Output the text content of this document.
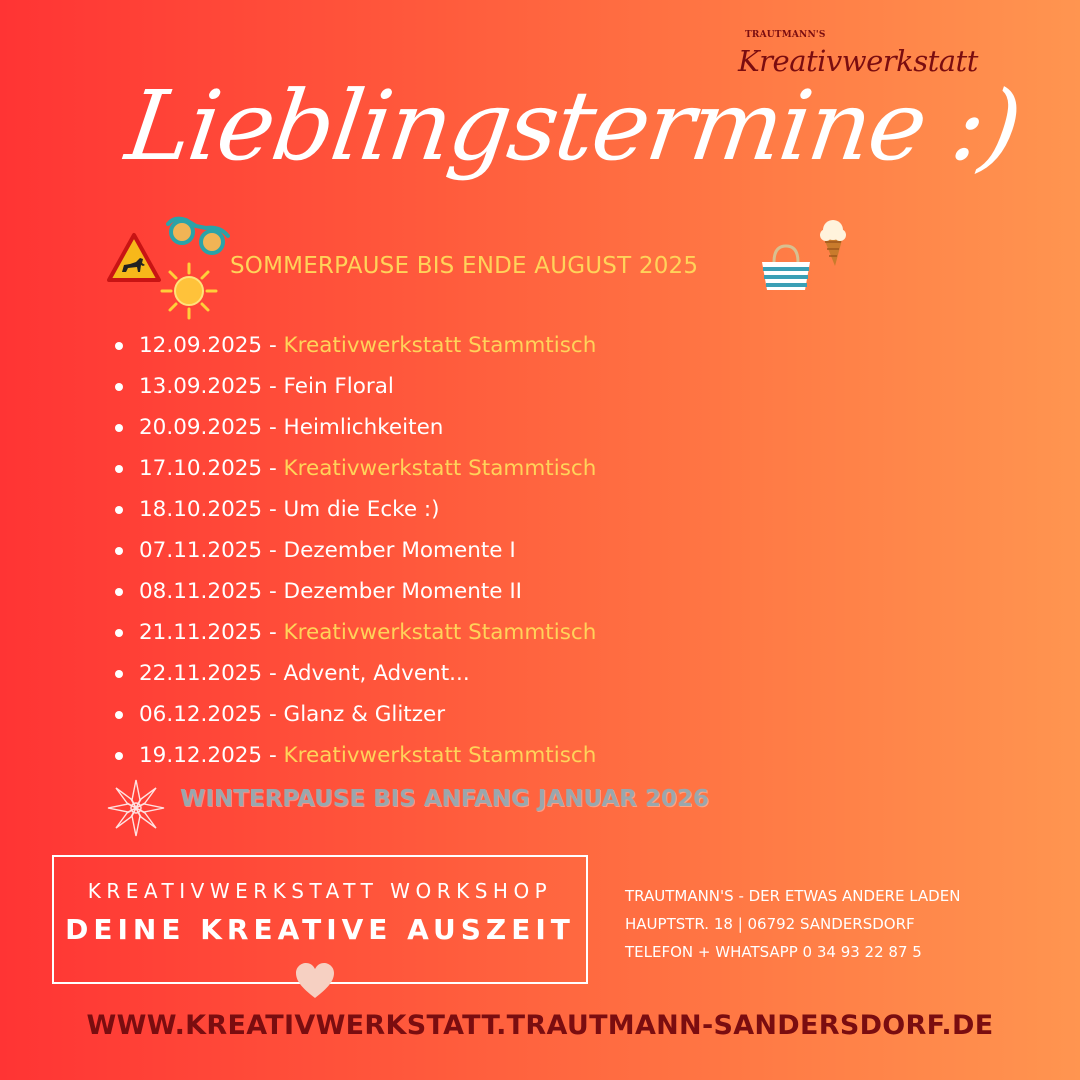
TRAUTMANN'S
Kreativwerkstatt
Lieblingstermine :)
SOMMERPAUSE BIS ENDE AUGUST 2025
12.09.2025 - Kreativwerkstatt Stammtisch
13.09.2025 - Fein Floral
20.09.2025 - Heimlichkeiten
17.10.2025 - Kreativwerkstatt Stammtisch
18.10.2025 - Um die Ecke :)
07.11.2025 - Dezember Momente I
08.11.2025 - Dezember Momente II
21.11.2025 - Kreativwerkstatt Stammtisch
22.11.2025 - Advent, Advent...
06.12.2025 - Glanz & Glitzer
19.12.2025 - Kreativwerkstatt Stammtisch
WINTERPAUSE BIS ANFANG JANUAR 2026
KREATIVWERKSTATT WORKSHOP
DEINE KREATIVE AUSZEIT
TRAUTMANN'S - DER ETWAS ANDERE LADEN
HAUPTSTR. 18 | 06792 SANDERSDORF
TELEFON + WHATSAPP 0 34 93 22 87 5
WWW.KREATIVWERKSTATT.TRAUTMANN-SANDERSDORF.DE
